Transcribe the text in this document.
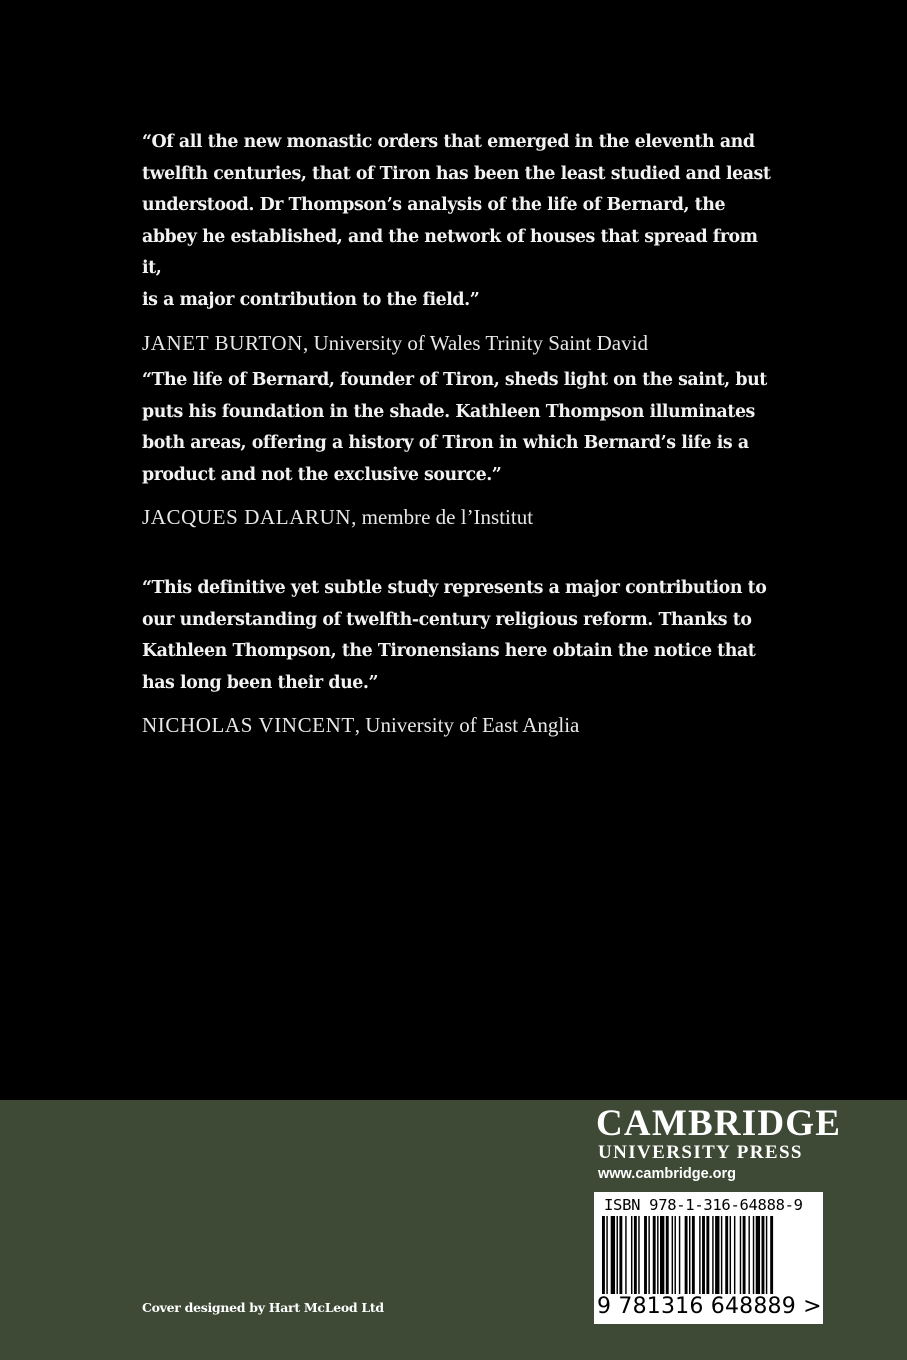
“Of all the new monastic orders that emerged in the eleventh and
twelfth centuries, that of Tiron has been the least studied and least
understood. Dr Thompson’s analysis of the life of Bernard, the
abbey he established, and the network of houses that spread from it,
is a major contribution to the field.”

JANET BURTON, University of Wales Trinity Saint David

“The life of Bernard, founder of Tiron, sheds light on the saint, but
puts his foundation in the shade. Kathleen Thompson illuminates
both areas, offering a history of Tiron in which Bernard’s life is a
product and not the exclusive source.”

JACQUES DALARUN, membre de l’Institut

“This definitive yet subtle study represents a major contribution to
our understanding of twelfth-century religious reform. Thanks to
Kathleen Thompson, the Tironensians here obtain the notice that
has long been their due.”

NICHOLAS VINCENT, University of East Anglia
CAMBRIDGE
UNIVERSITY PRESS
www.cambridge.org
ISBN 978-1-316-64888-9
9 781316 648889 >
Cover designed by Hart McLeod Ltd
